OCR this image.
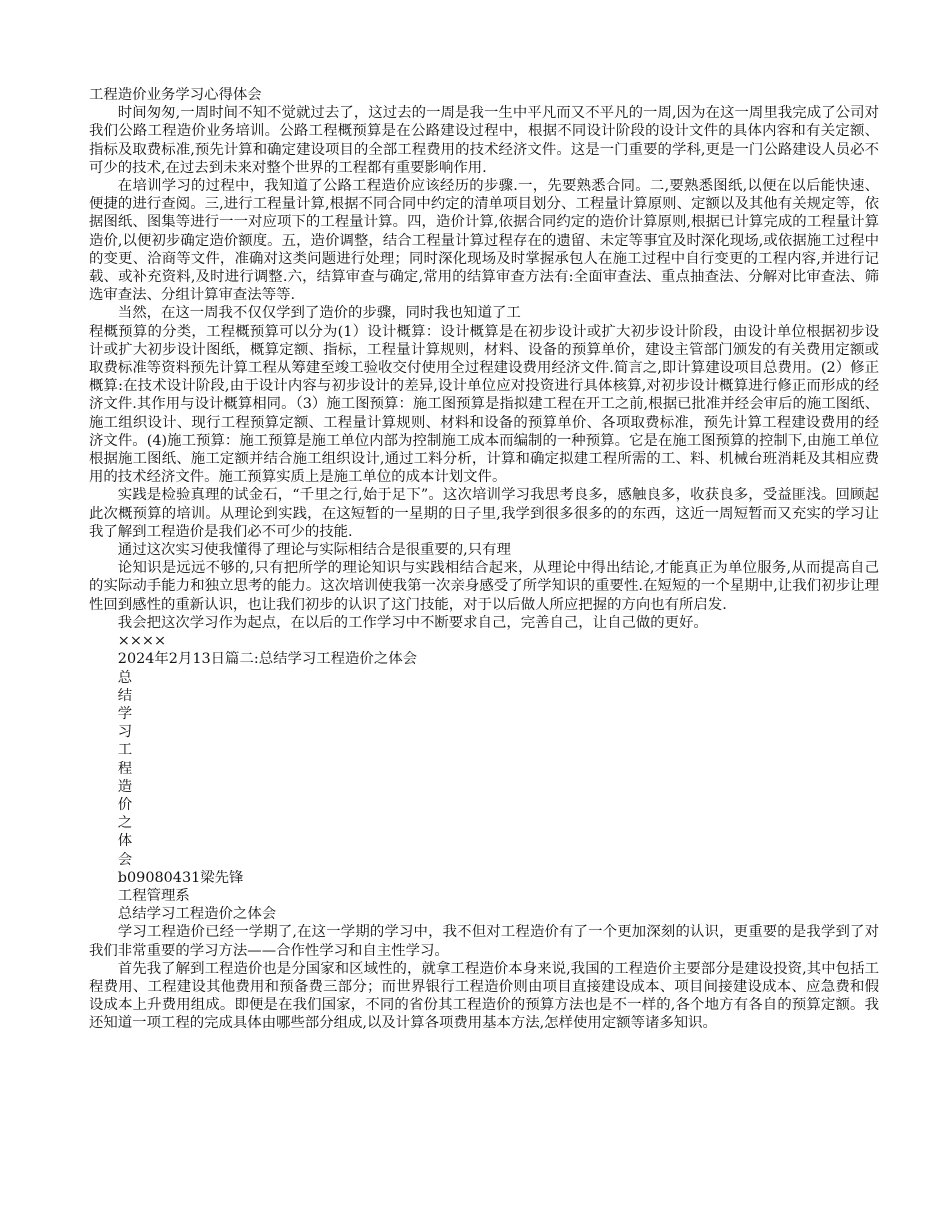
工程造价业务学习心得体会

时间匆匆,一周时间不知不觉就过去了，这过去的一周是我一生中平凡而又不平凡的一周,因为在这一周里我完成了公司对我们公路工程造价业务培训。公路工程概预算是在公路建设过程中，根据不同设计阶段的设计文件的具体内容和有关定额、指标及取费标准,预先计算和确定建设项目的全部工程费用的技术经济文件。这是一门重要的学科,更是一门公路建设人员必不可少的技术,在过去到未来对整个世界的工程都有重要影响作用.

在培训学习的过程中，我知道了公路工程造价应该经历的步骤.一，先要熟悉合同。二,要熟悉图纸,以便在以后能快速、便捷的进行查阅。三,进行工程量计算,根据不同合同中约定的清单项目划分、工程量计算原则、定额以及其他有关规定等，依据图纸、图集等进行一一对应项下的工程量计算。四，造价计算,依据合同约定的造价计算原则,根据已计算完成的工程量计算造价,以便初步确定造价额度。五，造价调整，结合工程量计算过程存在的遗留、未定等事宜及时深化现场,或依据施工过程中的变更、洽商等文件，准确对这类问题进行处理；同时深化现场及时掌握承包人在施工过程中自行变更的工程内容,并进行记载、或补充资料,及时进行调整.六，结算审查与确定,常用的结算审查方法有:全面审查法、重点抽查法、分解对比审查法、筛选审查法、分组计算审查法等等.

当然，在这一周我不仅仅学到了造价的步骤，同时我也知道了工

程概预算的分类，工程概预算可以分为(1）设计概算：设计概算是在初步设计或扩大初步设计阶段，由设计单位根据初步设计或扩大初步设计图纸，概算定额、指标，工程量计算规则，材料、设备的预算单价，建设主管部门颁发的有关费用定额或取费标准等资料预先计算工程从筹建至竣工验收交付使用全过程建设费用经济文件.简言之,即计算建设项目总费用。(2）修正概算:在技术设计阶段,由于设计内容与初步设计的差异,设计单位应对投资进行具体核算,对初步设计概算进行修正而形成的经济文件.其作用与设计概算相同。（3）施工图预算：施工图预算是指拟建工程在开工之前,根据已批准并经会审后的施工图纸、施工组织设计、现行工程预算定额、工程量计算规则、材料和设备的预算单价、各项取费标准，预先计算工程建设费用的经济文件。(4)施工预算：施工预算是施工单位内部为控制施工成本而编制的一种预算。它是在施工图预算的控制下,由施工单位根据施工图纸、施工定额并结合施工组织设计,通过工料分析，计算和确定拟建工程所需的工、料、机械台班消耗及其相应费用的技术经济文件。施工预算实质上是施工单位的成本计划文件。

实践是检验真理的试金石，“千里之行,始于足下”。这次培训学习我思考良多，感触良多，收获良多，受益匪浅。回顾起此次概预算的培训。从理论到实践，在这短暂的一星期的日子里,我学到很多很多的的东西，这近一周短暂而又充实的学习让我了解到工程造价是我们必不可少的技能.

通过这次实习使我懂得了理论与实际相结合是很重要的,只有理

论知识是远远不够的,只有把所学的理论知识与实践相结合起来，从理论中得出结论,才能真正为单位服务,从而提高自己的实际动手能力和独立思考的能力。这次培训使我第一次亲身感受了所学知识的重要性.在短短的一个星期中,让我们初步让理性回到感性的重新认识，也让我们初步的认识了这门技能，对于以后做人所应把握的方向也有所启发.

我会把这次学习作为起点，在以后的工作学习中不断要求自己，完善自己，让自己做的更好。

××××

2024年2月13日篇二:总结学习工程造价之体会

总

结

学

习

工

程

造

价

之

体

会

b09080431梁先锋

工程管理系

总结学习工程造价之体会

学习工程造价已经一学期了,在这一学期的学习中，我不但对工程造价有了一个更加深刻的认识，更重要的是我学到了对我们非常重要的学习方法——合作性学习和自主性学习。

首先我了解到工程造价也是分国家和区域性的，就拿工程造价本身来说,我国的工程造价主要部分是建设投资,其中包括工程费用、工程建设其他费用和预备费三部分；而世界银行工程造价则由项目直接建设成本、项目间接建设成本、应急费和假设成本上升费用组成。即便是在我们国家，不同的省份其工程造价的预算方法也是不一样的,各个地方有各自的预算定额。我还知道一项工程的完成具体由哪些部分组成,以及计算各项费用基本方法,怎样使用定额等诸多知识。
